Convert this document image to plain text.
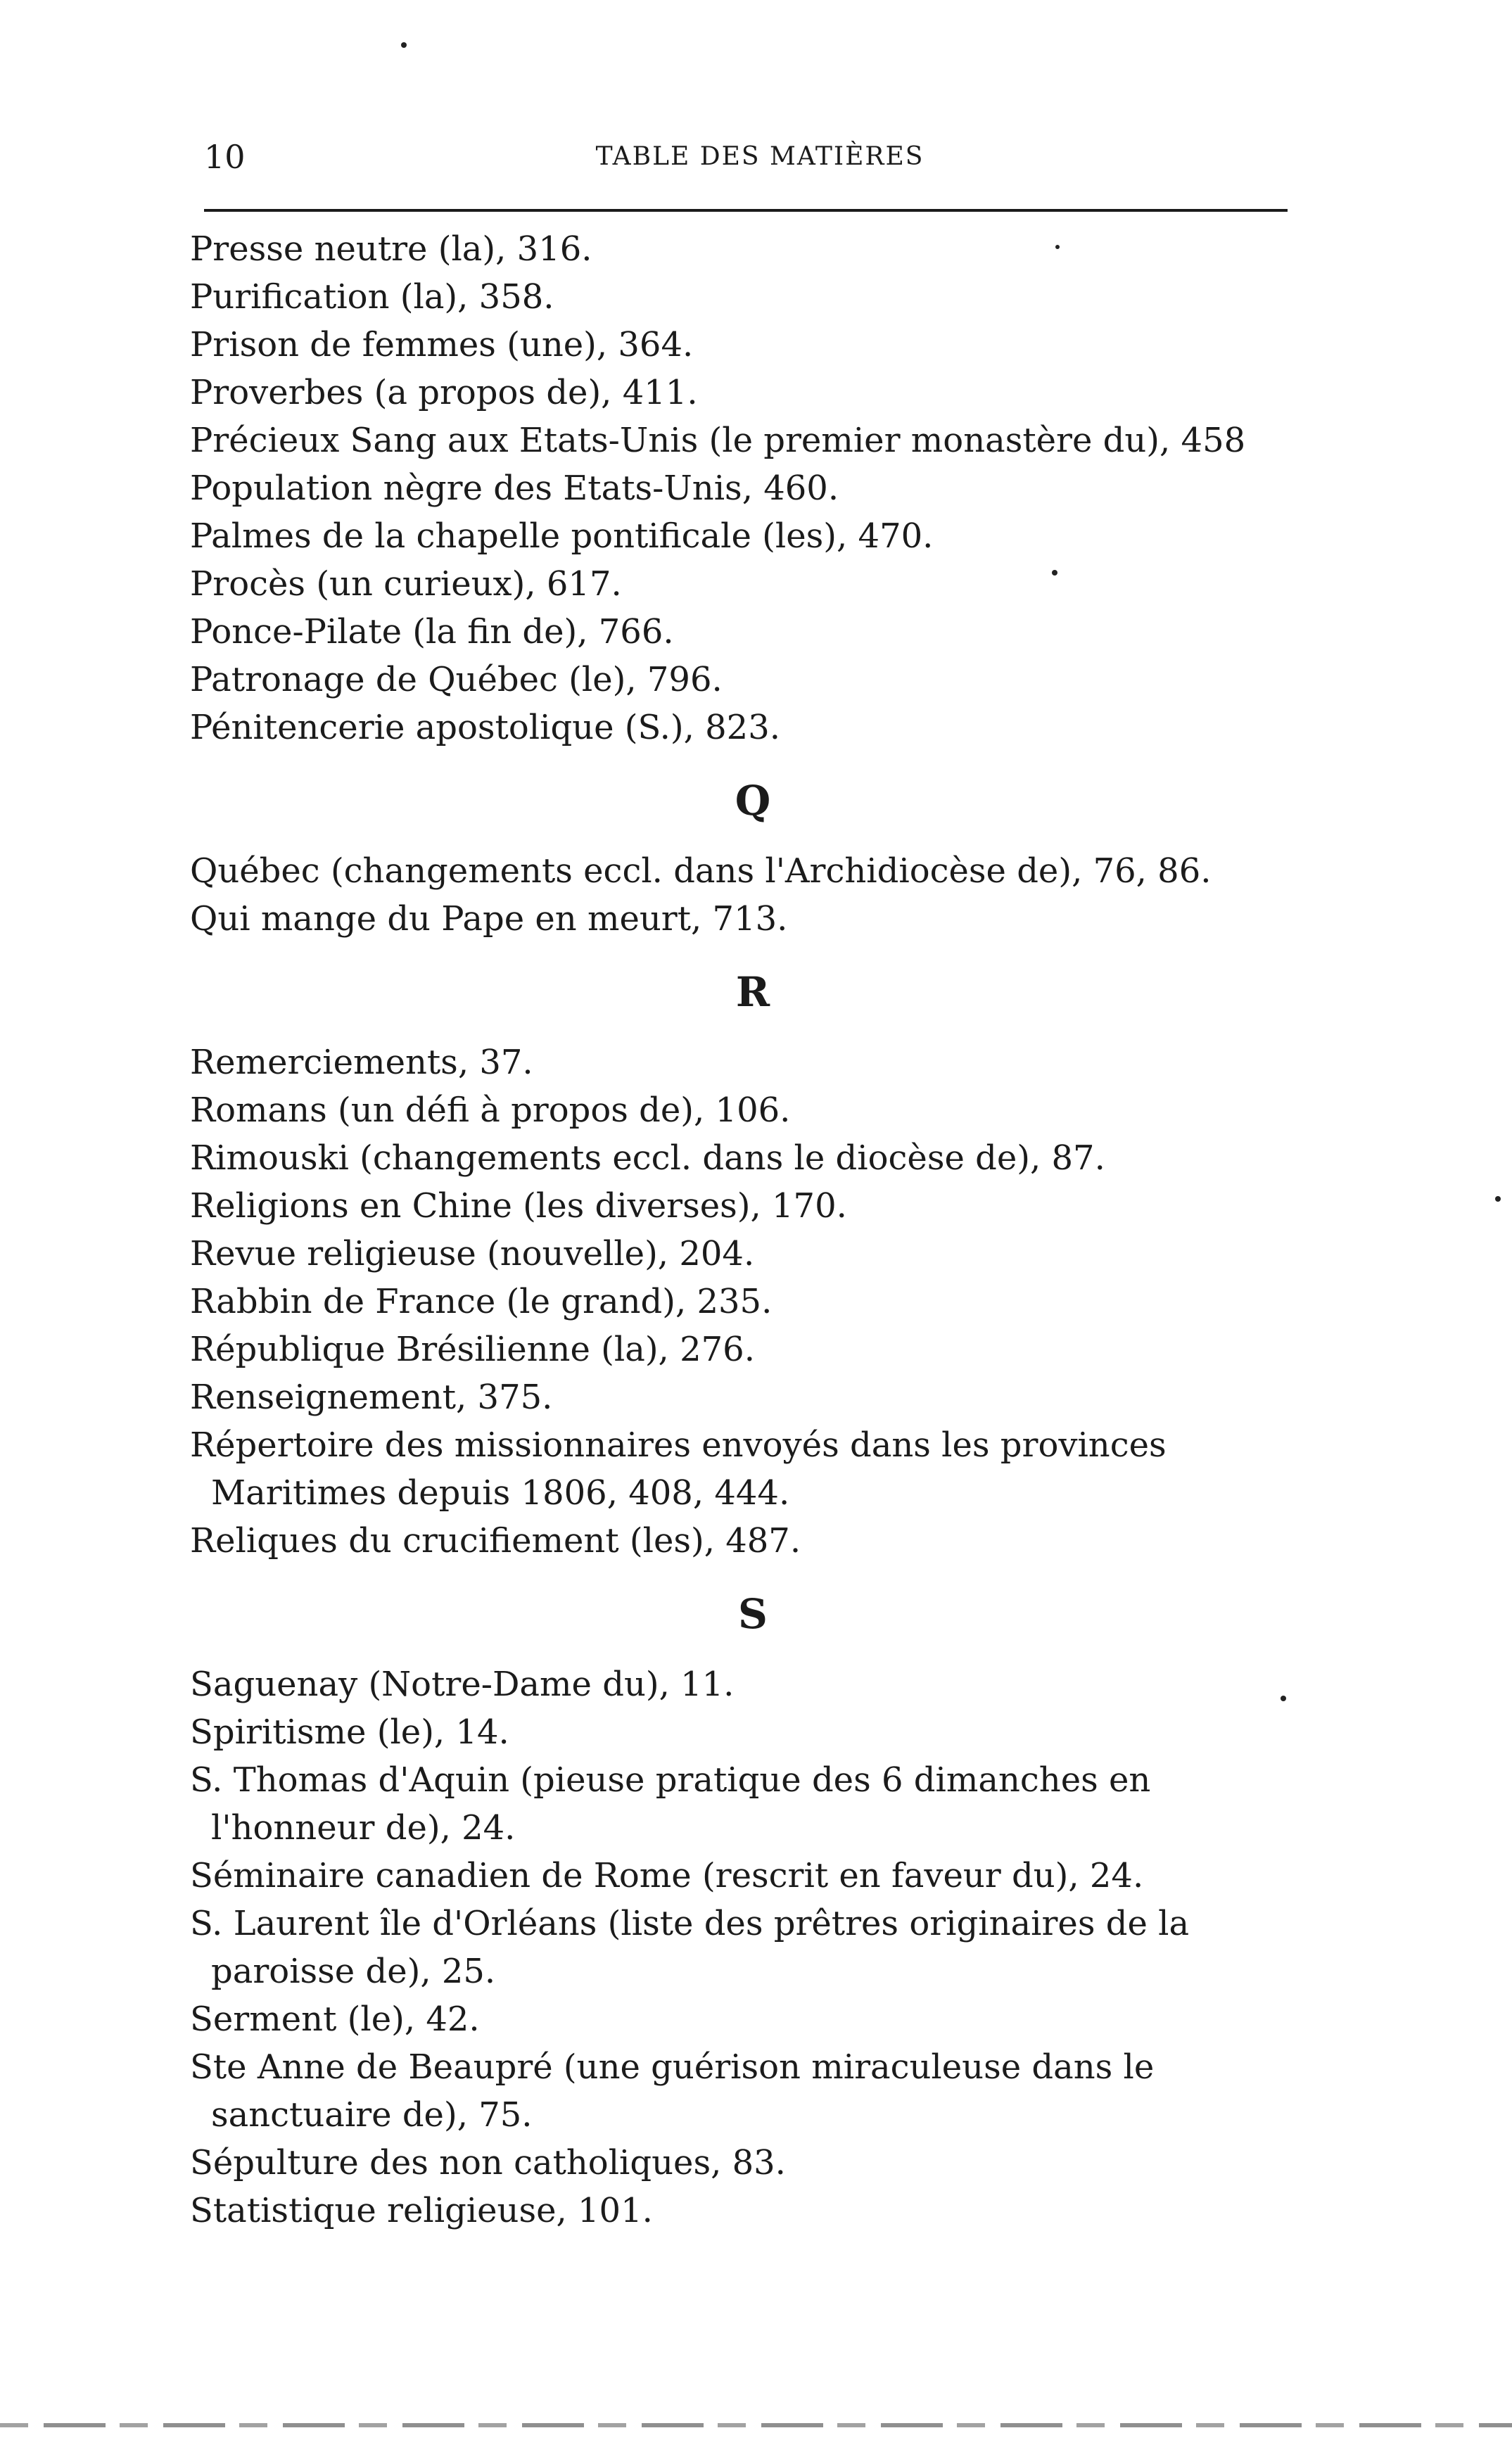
10	TABLE DES MATIÈRES

Presse neutre (la), 316.

Purification (la), 358.

Prison de femmes (une), 364.

Proverbes (a propos de), 411.

Précieux Sang aux Etats-Unis (le premier monastère du), 458

Population nègre des Etats-Unis, 460.

Palmes de la chapelle pontificale (les), 470.

Procès (un curieux), 617.

Ponce-Pilate (la fin de), 766.

Patronage de Québec (le), 796.

Pénitencerie apostolique (S.), 823.

Q

Québec (changements eccl. dans l'Archidiocèse de), 76, 86.

Qui mange du Pape en meurt, 713.

R

Remerciements, 37.

Romans (un défi à propos de), 106.

Rimouski (changements eccl. dans le diocèse de), 87.

Religions en Chine (les diverses), 170.

Revue religieuse (nouvelle), 204.

Rabbin de France (le grand), 235.

République Brésilienne (la), 276.

Renseignement, 375.

Répertoire des missionnaires envoyés dans les provinces Maritimes depuis 1806, 408, 444.

Reliques du crucifiement (les), 487.

S

Saguenay (Notre-Dame du), 11.

Spiritisme (le), 14.

S. Thomas d'Aquin (pieuse pratique des 6 dimanches en l'honneur de), 24.

Séminaire canadien de Rome (rescrit en faveur du), 24.

S. Laurent île d'Orléans (liste des prêtres originaires de la paroisse de), 25.

Serment (le), 42.

Ste Anne de Beaupré (une guérison miraculeuse dans le sanctuaire de), 75.

Sépulture des non catholiques, 83.

Statistique religieuse, 101.
